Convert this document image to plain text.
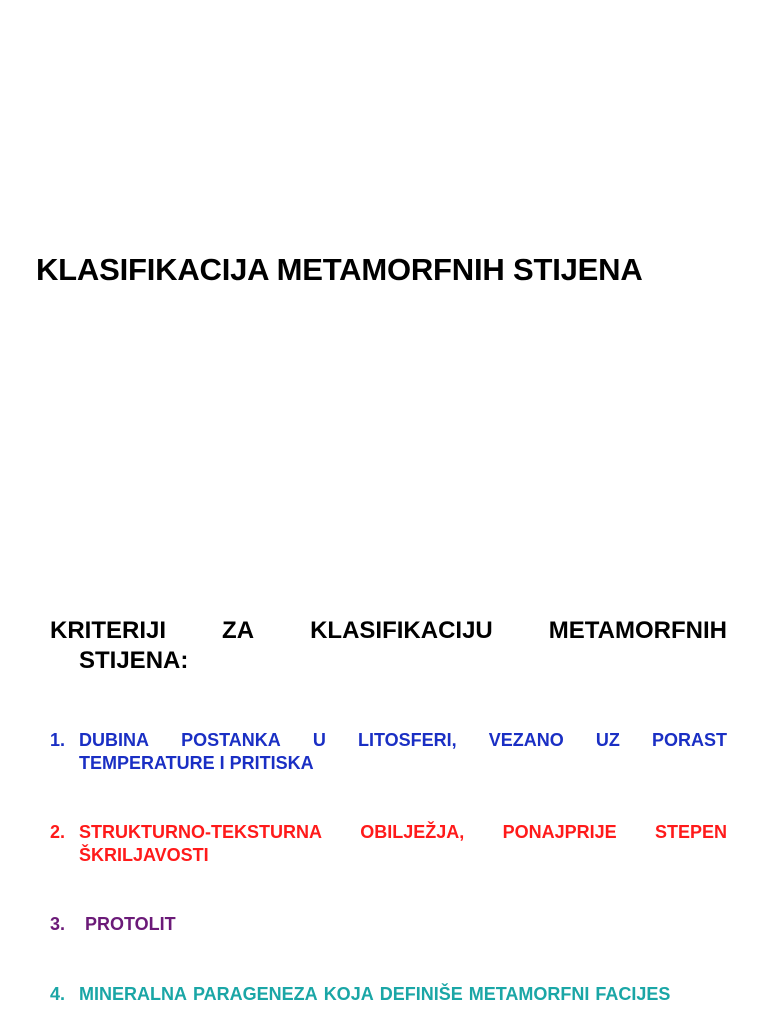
KLASIFIKACIJA METAMORFNIH STIJENA
KRITERIJI ZA KLASIFIKACIJU METAMORFNIH
STIJENA:
1. DUBINA POSTANKA U LITOSFERI, VEZANO UZ PORAST
TEMPERATURE I PRITISKA
2. STRUKTURNO-TEKSTURNA OBILJEŽJA, PONAJPRIJE STEPEN
ŠKRILJAVOSTI
3. PROTOLIT
4. MINERALNA PARAGENEZA KOJA DEFINIŠE METAMORFNI FACIJES
